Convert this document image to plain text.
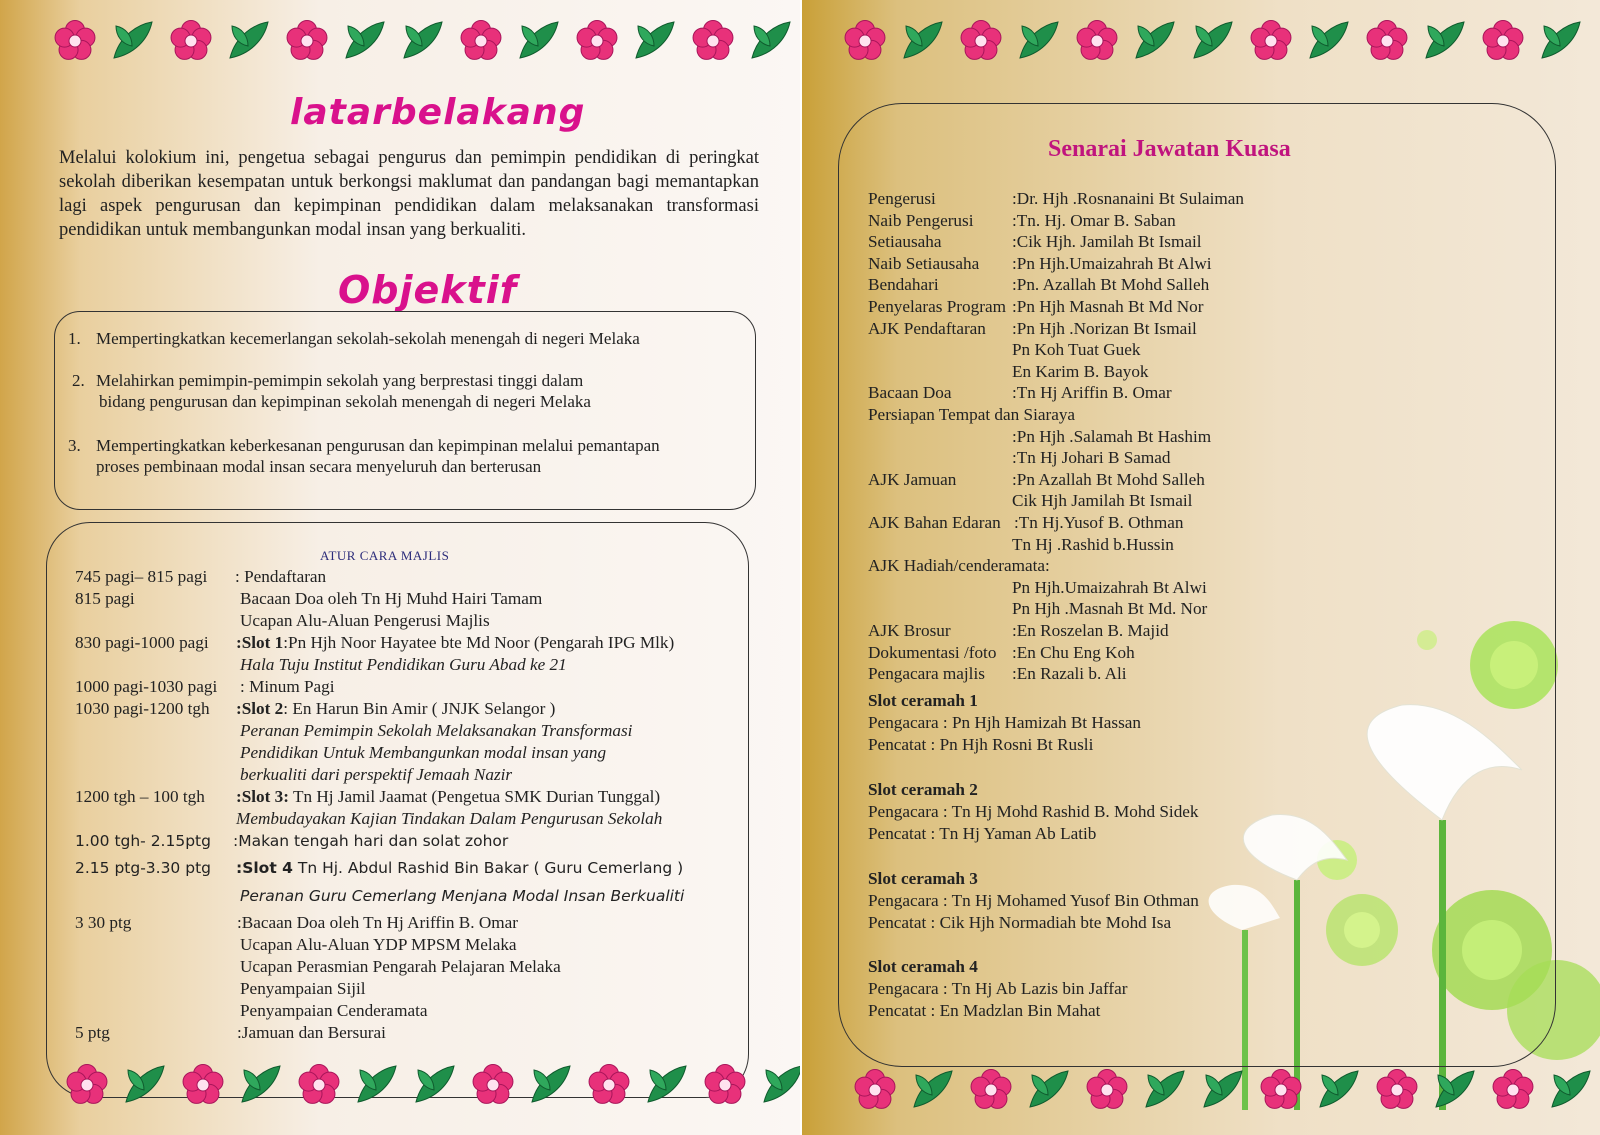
latarbelakang

Melalui kolokium ini, pengetua sebagai pengurus dan pemimpin pendidikan di peringkat sekolah diberikan kesempatan untuk berkongsi maklumat dan pandangan bagi memantapkan lagi aspek pengurusan dan kepimpinan pendidikan dalam melaksanakan transformasi pendidikan untuk membangunkan modal insan yang berkualiti.

Objektif
1. Mempertingkatkan kecemerlangan sekolah-sekolah menengah di negeri Melaka
2. Melahirkan pemimpin-pemimpin sekolah yang berprestasi tinggi dalam
bidang pengurusan dan kepimpinan sekolah menengah di negeri Melaka
3. Mempertingkatkan keberkesanan pengurusan dan kepimpinan melalui pemantapan
proses pembinaan modal insan secara menyeluruh dan berterusan
ATUR CARA MAJLIS
745 pagi– 815 pagi : Pendaftaran
815 pagi	Bacaan Doa oleh Tn Hj Muhd Hairi Tamam
Ucapan Alu-Aluan Pengerusi Majlis
830 pagi-1000 pagi :Slot 1:Pn Hjh Noor Hayatee bte Md Noor (Pengarah IPG Mlk)
Hala Tuju Institut Pendidikan Guru Abad ke 21
1000 pagi-1030 pagi : Minum Pagi
1030 pagi-1200 tgh :Slot 2: En Harun Bin Amir ( JNJK Selangor )
Peranan Pemimpin Sekolah Melaksanakan Transformasi
Pendidikan Untuk Membangunkan modal insan yang
berkualiti dari perspektif Jemaah Nazir
1200 tgh – 100 tgh :Slot 3: Tn Hj Jamil Jaamat (Pengetua SMK Durian Tunggal)
Membudayakan Kajian Tindakan Dalam Pengurusan Sekolah
1.00 tgh- 2.15ptg :Makan tengah hari dan solat zohor
2.15 ptg-3.30 ptg :Slot 4 Tn Hj. Abdul Rashid Bin Bakar ( Guru Cemerlang )
Peranan Guru Cemerlang Menjana Modal Insan Berkualiti
3 30 ptg	:Bacaan Doa oleh Tn Hj Ariffin B. Omar
Ucapan Alu-Aluan YDP MPSM Melaka
Ucapan Perasmian Pengarah Pelajaran Melaka
Penyampaian Sijil
Penyampaian Cenderamata
5 ptg	:Jamuan dan Bersurai
Senarai Jawatan Kuasa
Pengerusi	:Dr. Hjh .Rosnanaini Bt Sulaiman
Naib Pengerusi :Tn. Hj. Omar B. Saban
Setiausaha	:Cik Hjh. Jamilah Bt Ismail
Naib Setiausaha :Pn Hjh.Umaizahrah Bt Alwi
Bendahari	:Pn. Azallah Bt Mohd Salleh
Penyelaras Program :Pn Hjh Masnah Bt Md Nor
AJK Pendaftaran :Pn Hjh .Norizan Bt Ismail
Pn Koh Tuat Guek
En Karim B. Bayok
Bacaan Doa	:Tn Hj Ariffin B. Omar
Persiapan Tempat dan Siaraya
:Pn Hjh .Salamah Bt Hashim
:Tn Hj Johari B Samad
AJK Jamuan	:Pn Azallah Bt Mohd Salleh
Cik Hjh Jamilah Bt Ismail
AJK Bahan Edaran :Tn Hj.Yusof B. Othman
Tn Hj .Rashid b.Hussin
AJK Hadiah/cenderamata:
Pn Hjh.Umaizahrah Bt Alwi
Pn Hjh .Masnah Bt Md. Nor
AJK Brosur	:En Roszelan B. Majid
Dokumentasi /foto :En Chu Eng Koh
Pengacara majlis :En Razali b. Ali
Slot ceramah 1
Pengacara : Pn Hjh Hamizah Bt Hassan
Pencatat : Pn Hjh Rosni Bt Rusli
Slot ceramah 2
Pengacara : Tn Hj Mohd Rashid B. Mohd Sidek
Pencatat : Tn Hj Yaman Ab Latib
Slot ceramah 3
Pengacara : Tn Hj Mohamed Yusof Bin Othman
Pencatat : Cik Hjh Normadiah bte Mohd Isa
Slot ceramah 4
Pengacara : Tn Hj Ab Lazis bin Jaffar
Pencatat : En Madzlan Bin Mahat
